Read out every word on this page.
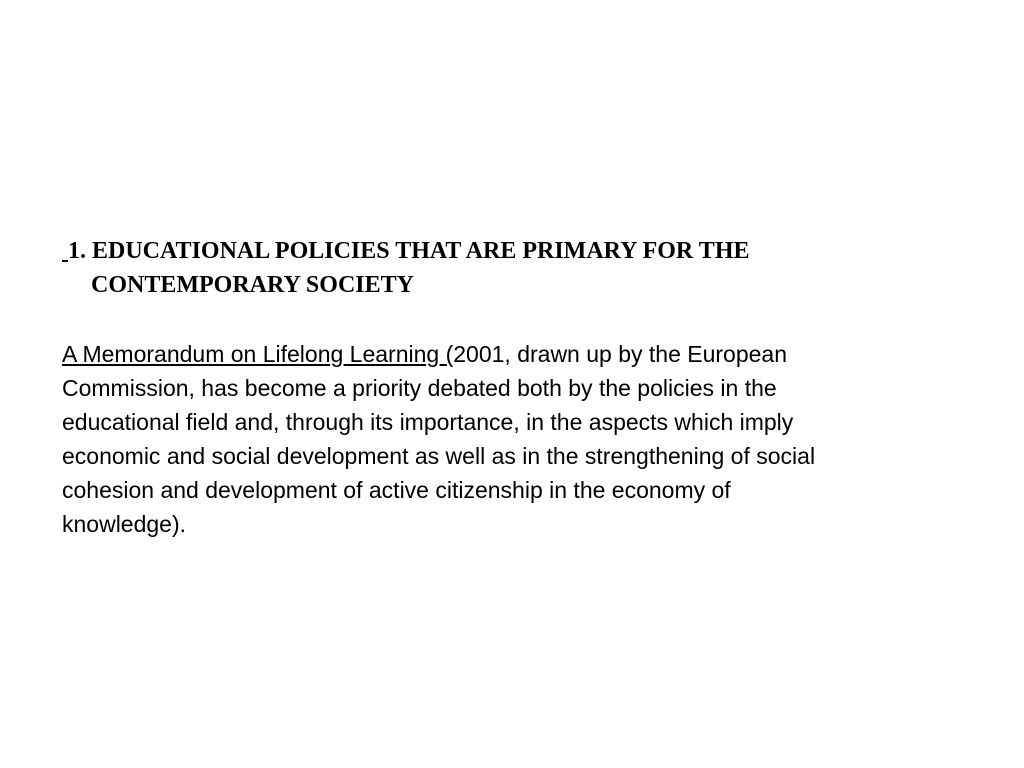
1. EDUCATIONAL POLICIES THAT ARE PRIMARY FOR THE
CONTEMPORARY SOCIETY
A Memorandum on Lifelong Learning (2001, drawn up by the European
Commission, has become a priority debated both by the policies in the
educational field and, through its importance, in the aspects which imply
economic and social development as well as in the strengthening of social
cohesion and development of active citizenship in the economy of
knowledge).
